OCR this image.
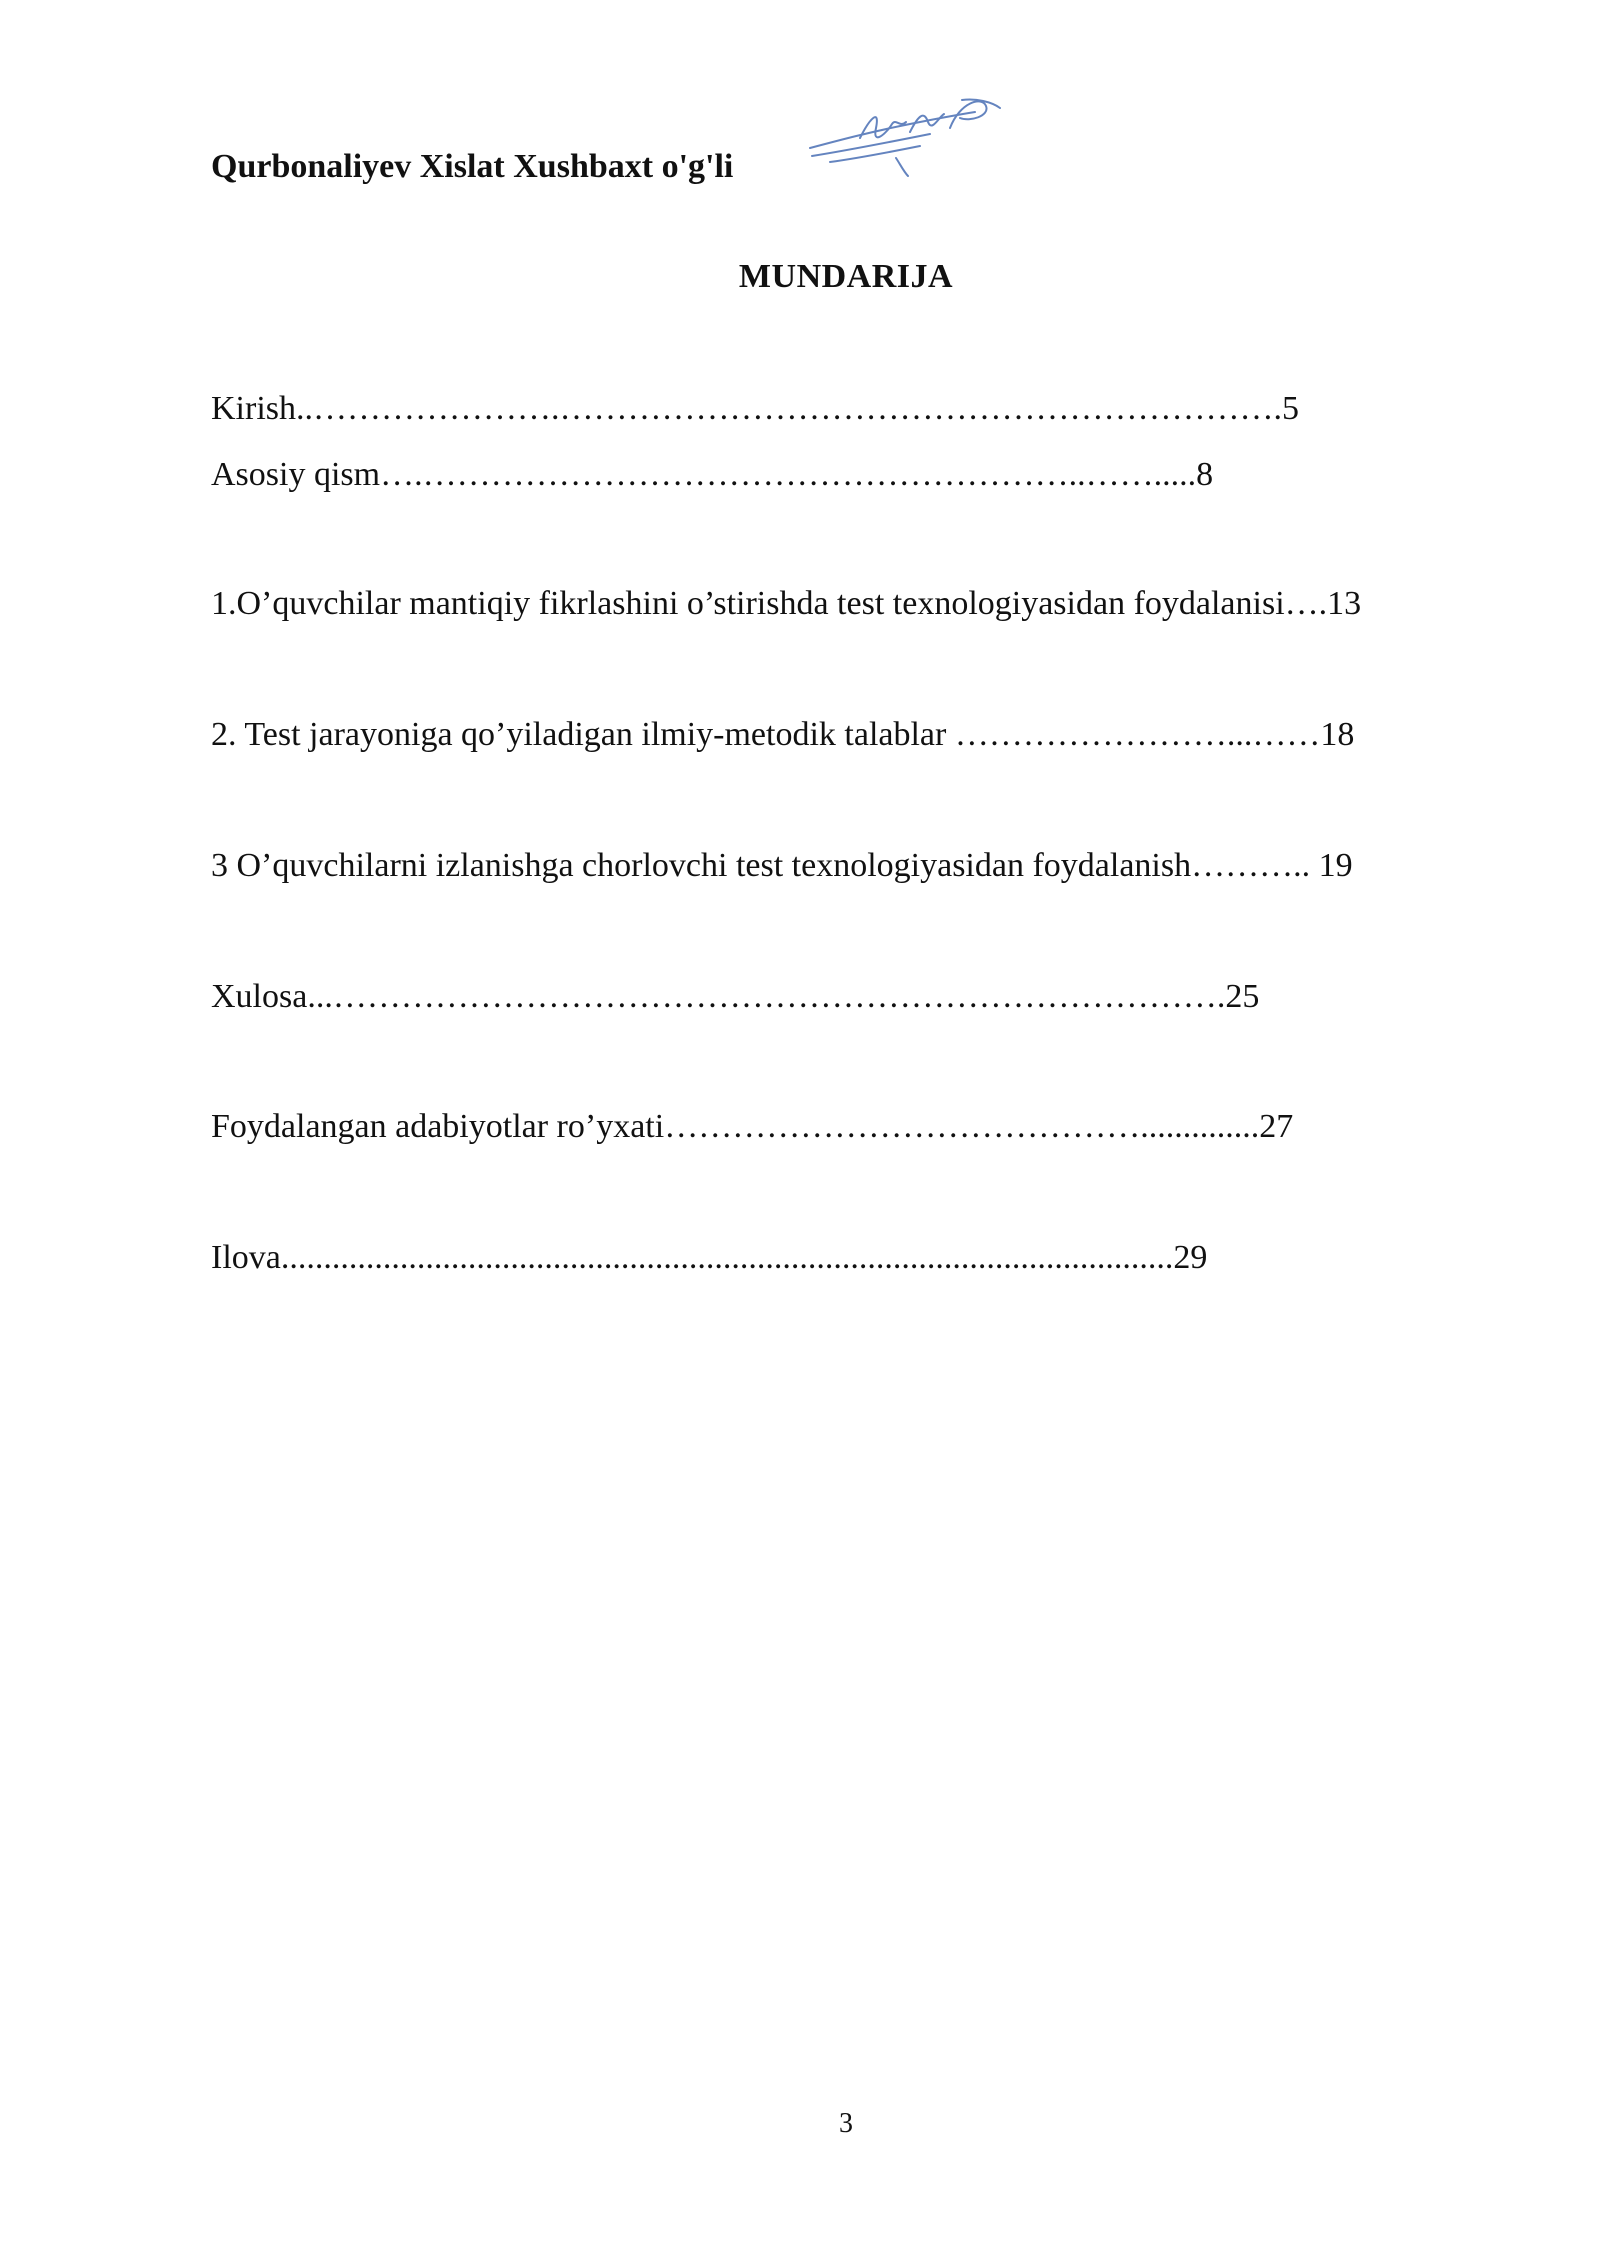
Qurbonaliyev Xislat Xushbaxt o'g'li
MUNDARIJA
Kirish..………………….……………………………………………………….5
Asosiy qism….…………………………………………………..…….....8
1.O’quvchilar mantiqiy fikrlashini o’stirishda test texnologiyasidan foydalanisi….13
2. Test jarayoniga qo’yiladigan ilmiy-metodik talablar ……………………...……18
3 O’quvchilarni izlanishga chorlovchi test texnologiyasidan foydalanish……….. 19
Xulosa...…………………………………………………………………….25
Foydalangan adabiyotlar ro’yxati……………………………………..............27
Ilova.........................................................................................................29
3
